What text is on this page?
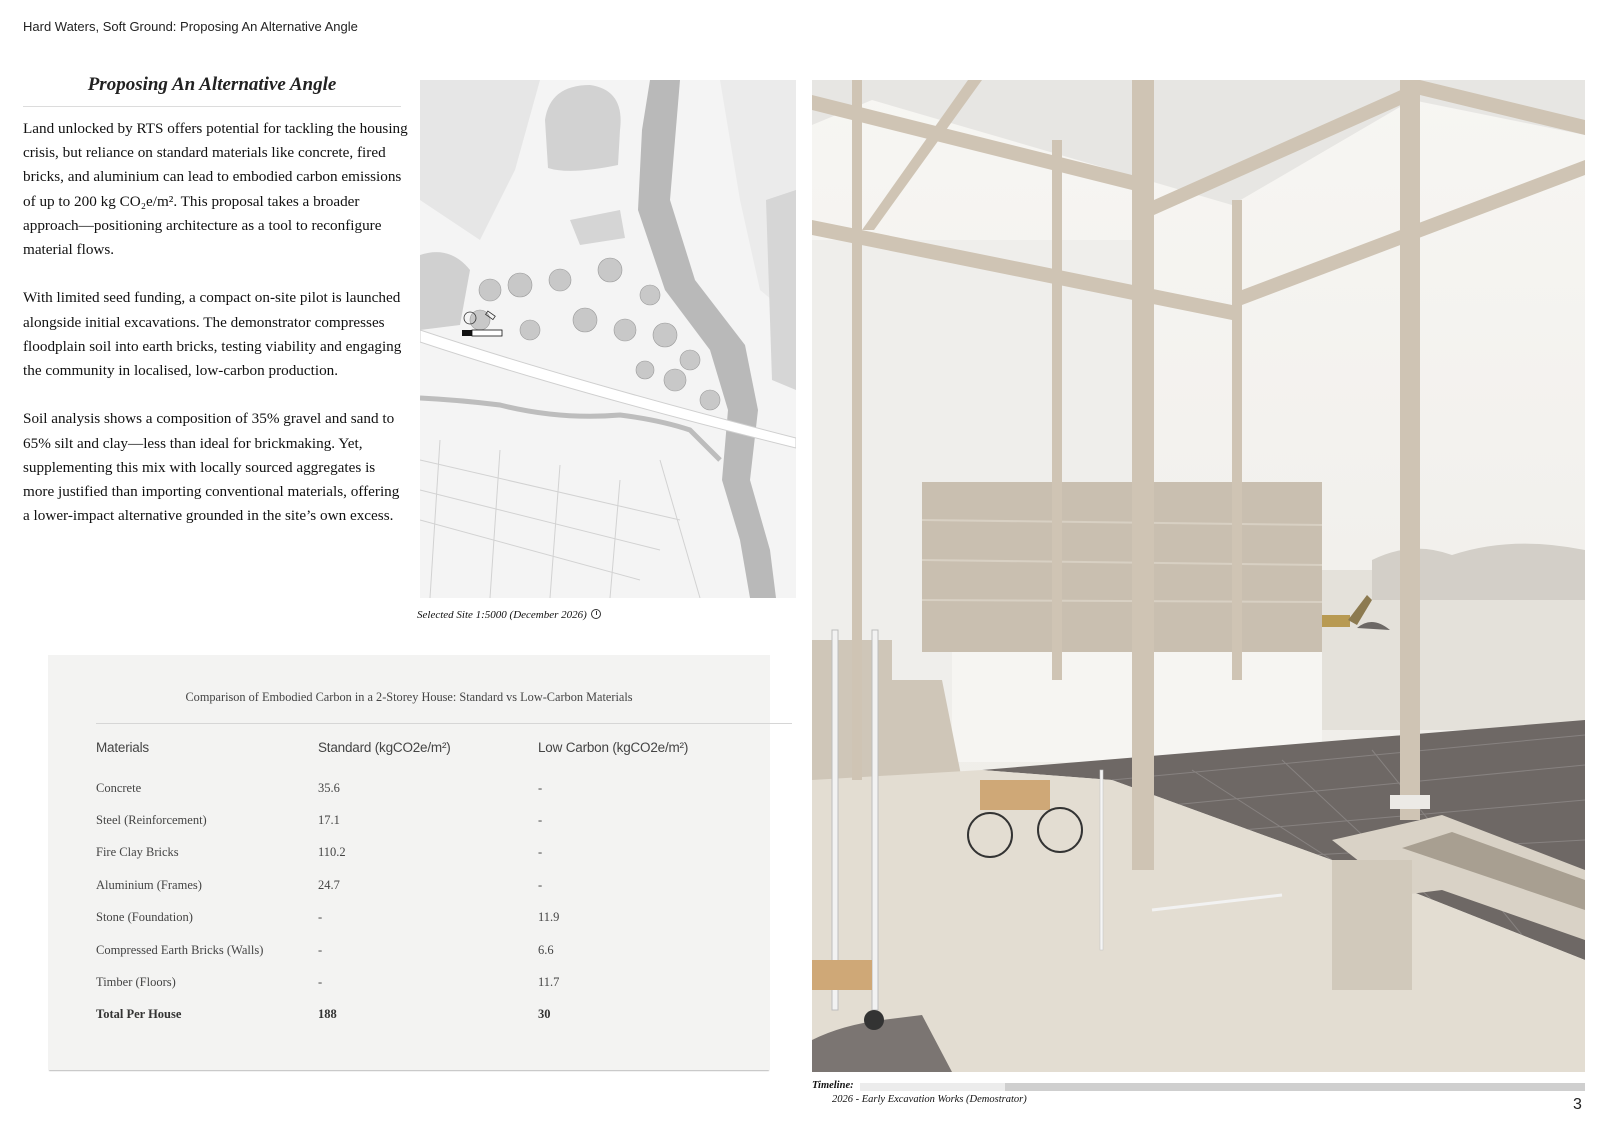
Hard Waters, Soft Ground: Proposing An Alternative Angle
Proposing An Alternative Angle

Land unlocked by RTS offers potential for tackling the housing crisis, but reliance on standard materials like concrete, fired bricks, and aluminium can lead to embodied carbon emissions of up to 200 kg CO₂e/m². This proposal takes a broader approach—positioning architecture as a tool to reconfigure material flows.

With limited seed funding, a compact on-site pilot is launched alongside initial excavations. The demonstrator compresses floodplain soil into earth bricks, testing viability and engaging the community in localised, low-carbon production.

Soil analysis shows a composition of 35% gravel and sand to 65% silt and clay—less than ideal for brickmaking. Yet, supplementing this mix with locally sourced aggregates is more justified than importing conventional materials, offering a lower-impact alternative grounded in the site’s own excess.

Selected Site 1:5000 (December 2026)
Comparison of Embodied Carbon in a 2-Storey House: Standard vs Low-Carbon Materials
Materials	Standard (kgCO2e/m²)	Low Carbon (kgCO2e/m²)
Concrete	35.6	-
Steel (Reinforcement)	17.1	-
Fire Clay Bricks	110.2	-
Aluminium (Frames)	24.7	-
Stone (Foundation)	-	11.9
Compressed Earth Bricks (Walls)	-	6.6
Timber (Floors)	-	11.7
Total Per House	188	30
Timeline:
2026 - Early Excavation Works (Demostrator)	3
